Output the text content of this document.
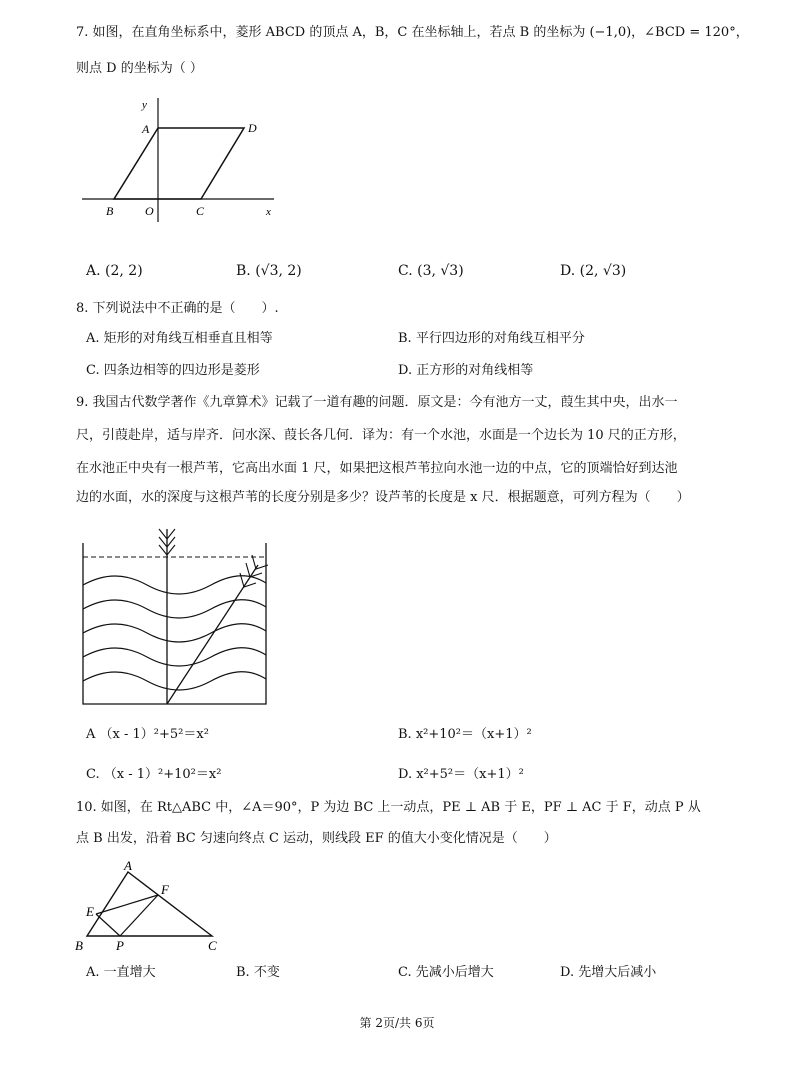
7. 如图，在直角坐标系中，菱形 ABCD 的顶点 A，B，C 在坐标轴上，若点 B 的坐标为 (−1,0)，∠BCD = 120°，
则点 D 的坐标为（ ）
y
x
A	D
B	O	C
A. (2, 2)	B. (√3, 2)	C. (3, √3)	D. (2, √3)
8. 下列说法中不正确的是（　　）.
A. 矩形的对角线互相垂直且相等	B. 平行四边形的对角线互相平分
C. 四条边相等的四边形是菱形	D. 正方形的对角线相等
9. 我国古代数学著作《九章算术》记载了一道有趣的问题．原文是：今有池方一丈，葭生其中央，出水一
尺，引葭赴岸，适与岸齐．问水深、葭长各几何．译为：有一个水池，水面是一个边长为 10 尺的正方形，
在水池正中央有一根芦苇，它高出水面 1 尺，如果把这根芦苇拉向水池一边的中点，它的顶端恰好到达池
边的水面，水的深度与这根芦苇的长度分别是多少？设芦苇的长度是 x 尺．根据题意，可列方程为（　　）
A （x - 1）²+5²＝x²	B. x²+10²＝（x+1）²
C. （x - 1）²+10²＝x²	D. x²+5²＝（x+1）²
10. 如图，在 Rt△ABC 中，∠A＝90°，P 为边 BC 上一动点，PE ⊥ AB 于 E，PF ⊥ AC 于 F，动点 P 从
点 B 出发，沿着 BC 匀速向终点 C 运动，则线段 EF 的值大小变化情况是（　　）
A
F
E
B	P	C
A. 一直增大	B. 不变	C. 先减小后增大	D. 先增大后减小
第 2页/共 6页
